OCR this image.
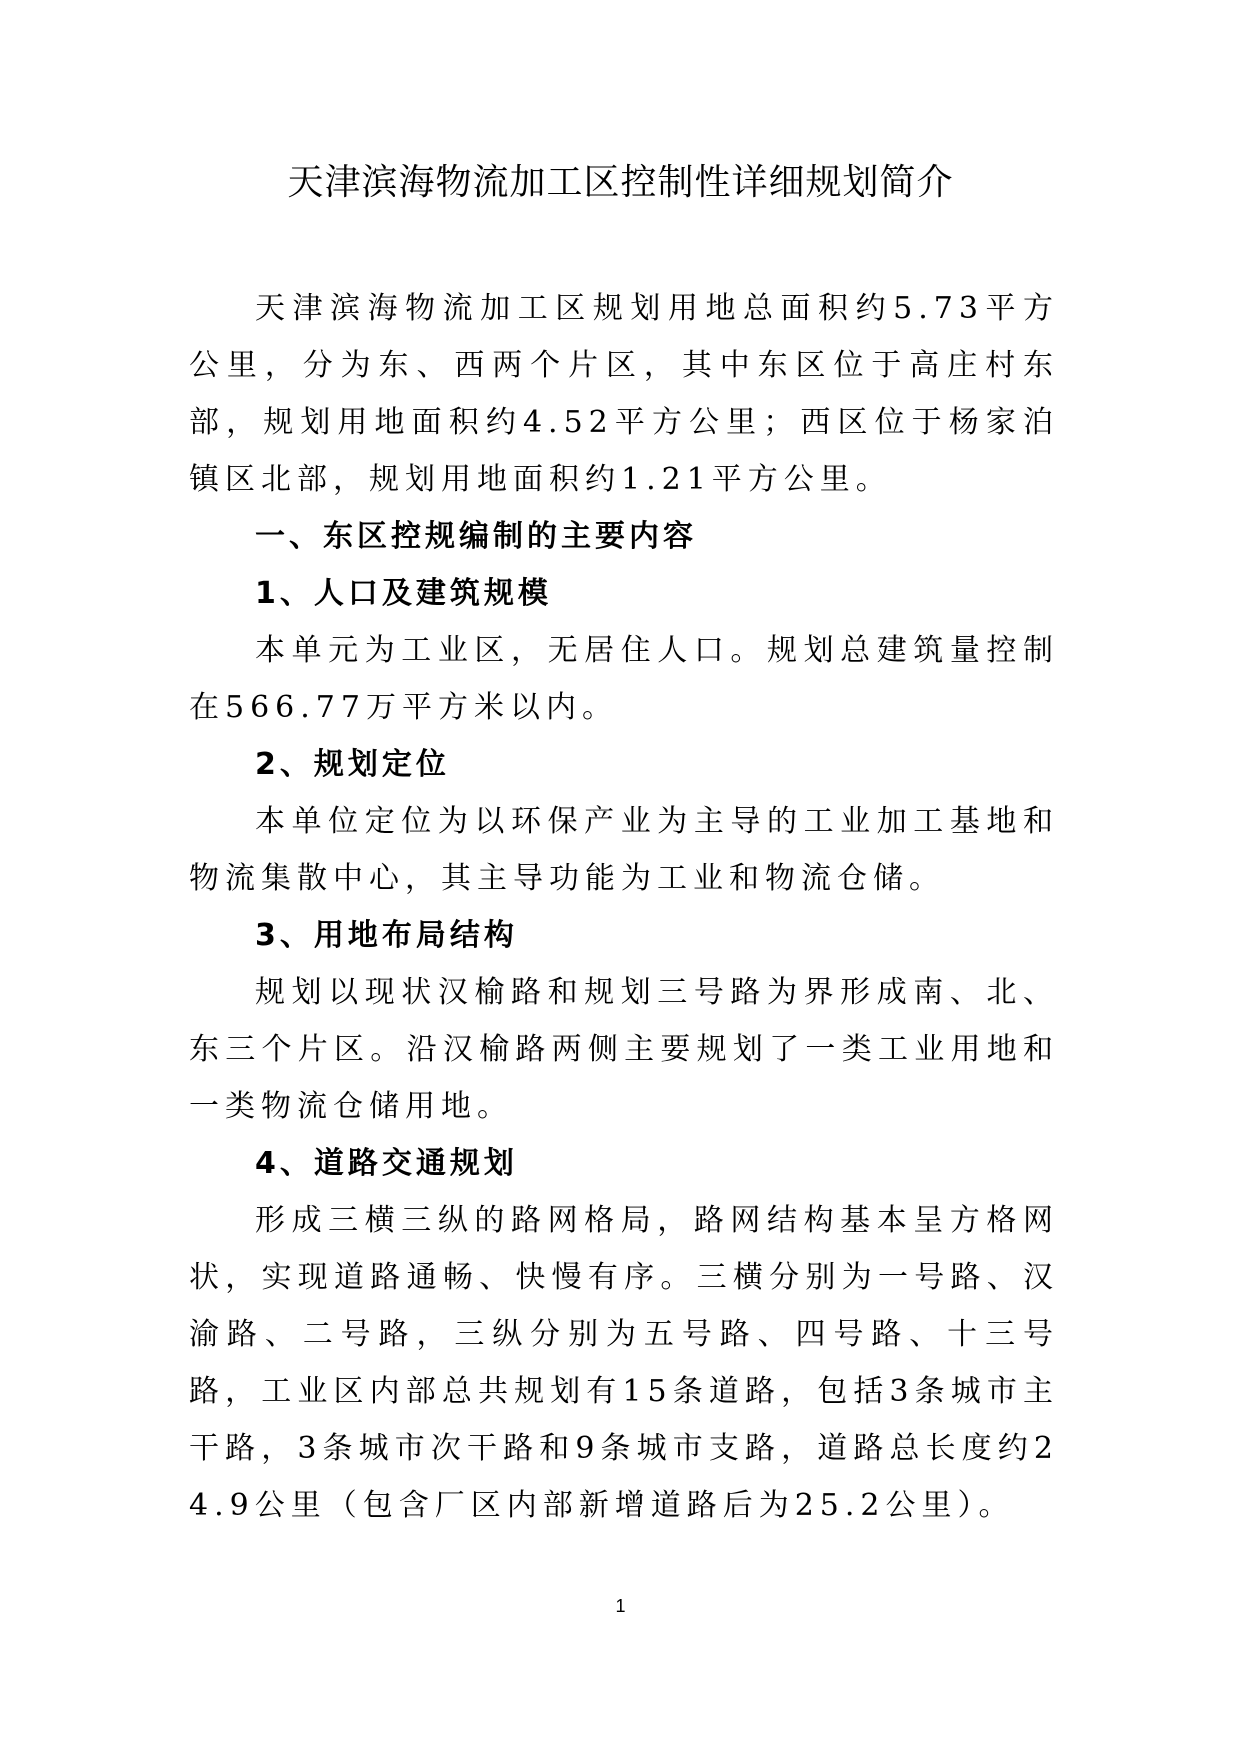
天津滨海物流加工区控制性详细规划简介

天津滨海物流加工区规划用地总面积约5.73平方公里，分为东、西两个片区，其中东区位于高庄村东部，规划用地面积约4.52平方公里；西区位于杨家泊镇区北部，规划用地面积约1.21平方公里。

一、东区控规编制的主要内容

1、人口及建筑规模

本单元为工业区，无居住人口。规划总建筑量控制在566.77万平方米以内。

2、规划定位

本单位定位为以环保产业为主导的工业加工基地和物流集散中心，其主导功能为工业和物流仓储。

3、用地布局结构

规划以现状汉榆路和规划三号路为界形成南、北、东三个片区。沿汉榆路两侧主要规划了一类工业用地和一类物流仓储用地。

4、道路交通规划

形成三横三纵的路网格局，路网结构基本呈方格网状，实现道路通畅、快慢有序。三横分别为一号路、汉渝路、二号路，三纵分别为五号路、四号路、十三号路，工业区内部总共规划有15条道路，包括3条城市主干路，3条城市次干路和9条城市支路，道路总长度约24.9公里（包含厂区内部新增道路后为25.2公里）。

1
